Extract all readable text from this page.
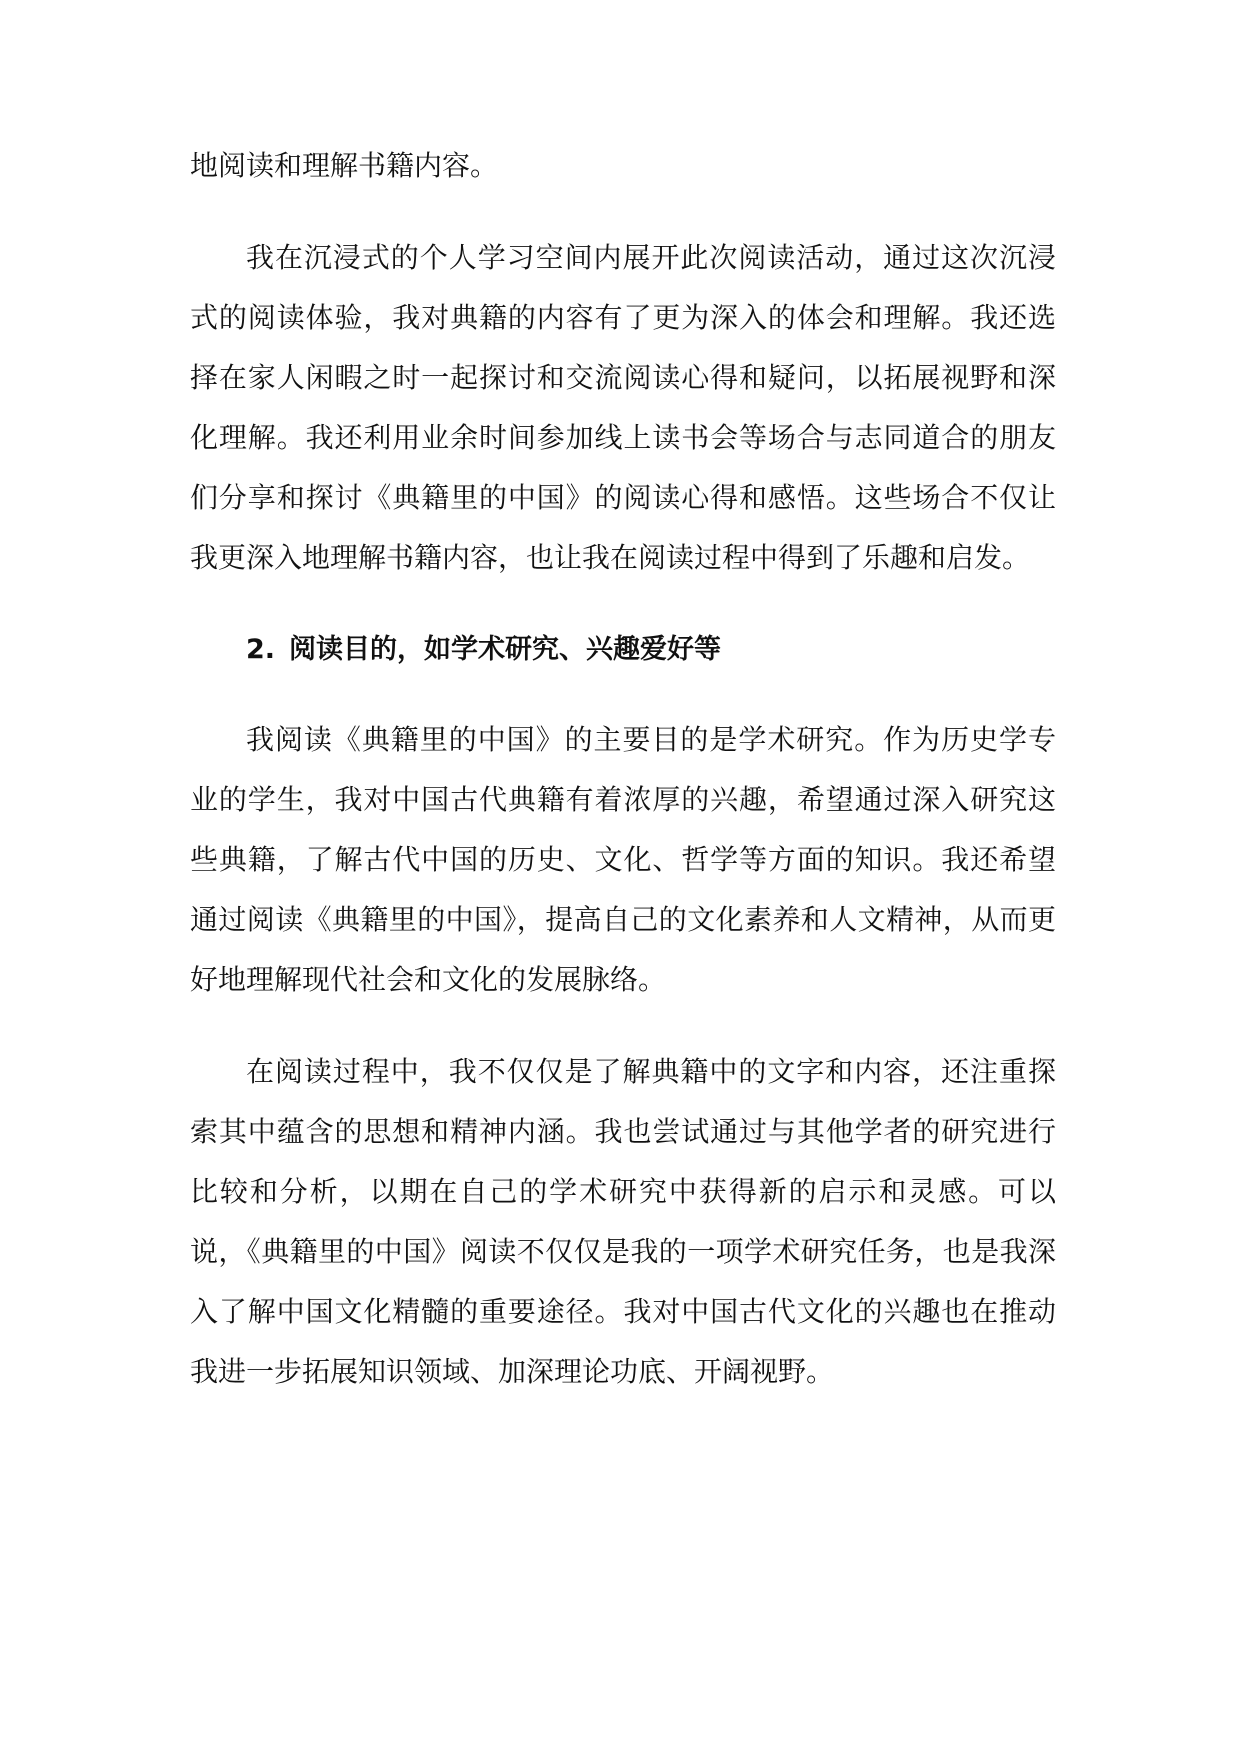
地阅读和理解书籍内容。

我在沉浸式的个人学习空间内展开此次阅读活动，通过这次沉浸式的阅读体验，我对典籍的内容有了更为深入的体会和理解。我还选择在家人闲暇之时一起探讨和交流阅读心得和疑问，以拓展视野和深化理解。我还利用业余时间参加线上读书会等场合与志同道合的朋友们分享和探讨《典籍里的中国》的阅读心得和感悟。这些场合不仅让我更深入地理解书籍内容，也让我在阅读过程中得到了乐趣和启发。

2. 阅读目的，如学术研究、兴趣爱好等

我阅读《典籍里的中国》的主要目的是学术研究。作为历史学专业的学生，我对中国古代典籍有着浓厚的兴趣，希望通过深入研究这些典籍，了解古代中国的历史、文化、哲学等方面的知识。我还希望通过阅读《典籍里的中国》，提高自己的文化素养和人文精神，从而更好地理解现代社会和文化的发展脉络。

在阅读过程中，我不仅仅是了解典籍中的文字和内容，还注重探索其中蕴含的思想和精神内涵。我也尝试通过与其他学者的研究进行比较和分析，以期在自己的学术研究中获得新的启示和灵感。可以说，《典籍里的中国》阅读不仅仅是我的一项学术研究任务，也是我深入了解中国文化精髓的重要途径。我对中国古代文化的兴趣也在推动我进一步拓展知识领域、加深理论功底、开阔视野。
